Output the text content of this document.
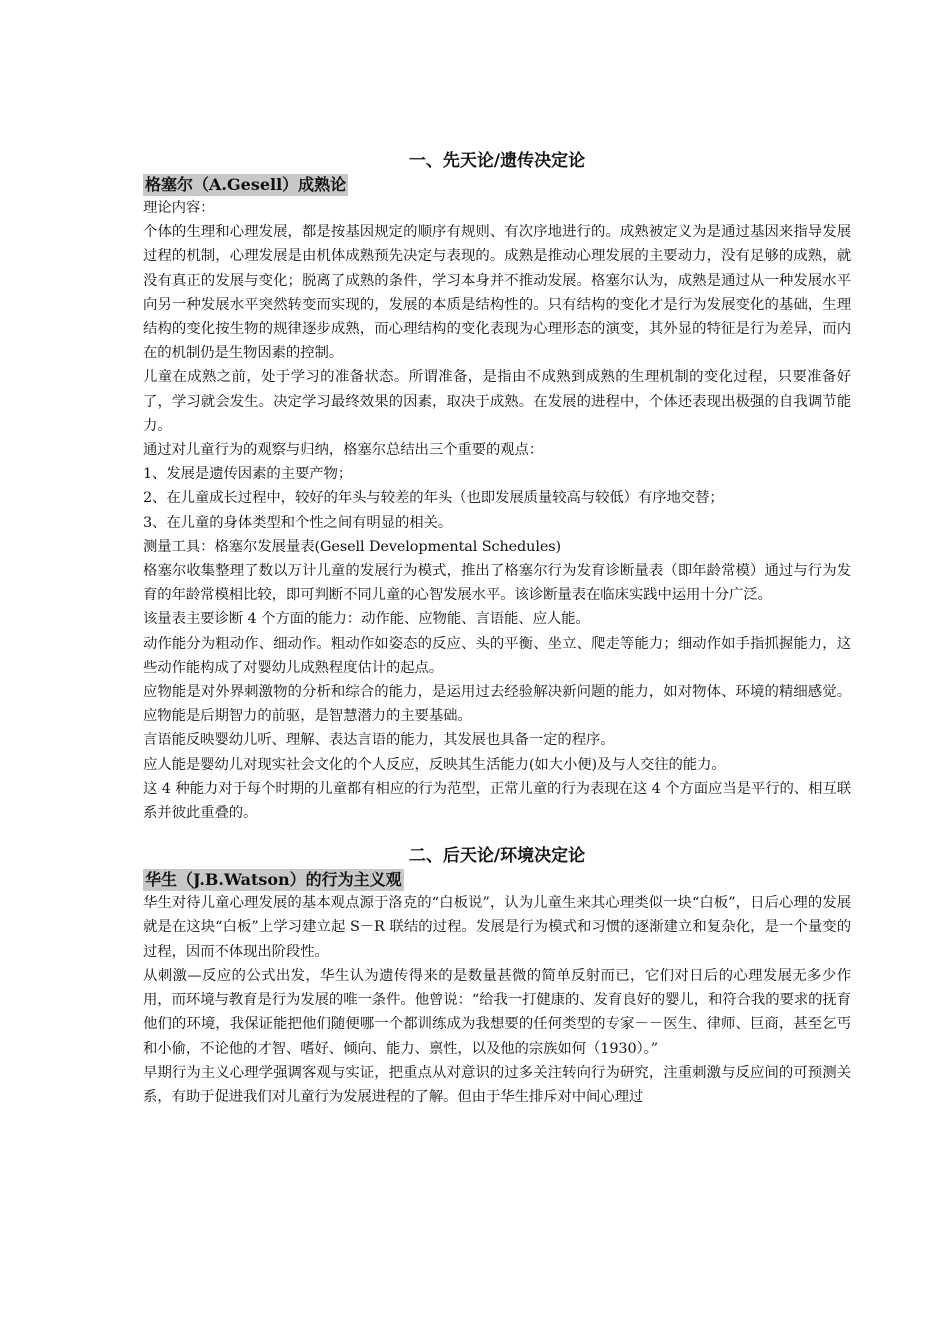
一、先天论/遗传决定论
格塞尔（A.Gesell）成熟论

理论内容：

个体的生理和心理发展，都是按基因规定的顺序有规则、有次序地进行的。成熟被定义为是通过基因来指导发展过程的机制，心理发展是由机体成熟预先决定与表现的。成熟是推动心理发展的主要动力，没有足够的成熟，就没有真正的发展与变化；脱离了成熟的条件，学习本身并不推动发展。格塞尔认为，成熟是通过从一种发展水平向另一种发展水平突然转变而实现的，发展的本质是结构性的。只有结构的变化才是行为发展变化的基础，生理结构的变化按生物的规律逐步成熟，而心理结构的变化表现为心理形态的演变，其外显的特征是行为差异，而内在的机制仍是生物因素的控制。

儿童在成熟之前，处于学习的准备状态。所谓准备，是指由不成熟到成熟的生理机制的变化过程，只要准备好了，学习就会发生。决定学习最终效果的因素，取决于成熟。在发展的进程中，个体还表现出极强的自我调节能力。

通过对儿童行为的观察与归纳，格塞尔总结出三个重要的观点：

1、发展是遗传因素的主要产物；

2、在儿童成长过程中，较好的年头与较差的年头（也即发展质量较高与较低）有序地交替；

3、在儿童的身体类型和个性之间有明显的相关。

测量工具：格塞尔发展量表(Gesell Developmental Schedules)

格塞尔收集整理了数以万计儿童的发展行为模式，推出了格塞尔行为发育诊断量表（即年龄常模）通过与行为发育的年龄常模相比较，即可判断不同儿童的心智发展水平。该诊断量表在临床实践中运用十分广泛。

该量表主要诊断 4 个方面的能力：动作能、应物能、言语能、应人能。

动作能分为粗动作、细动作。粗动作如姿态的反应、头的平衡、坐立、爬走等能力；细动作如手指抓握能力，这些动作能构成了对婴幼儿成熟程度估计的起点。

应物能是对外界刺激物的分析和综合的能力，是运用过去经验解决新问题的能力，如对物体、环境的精细感觉。应物能是后期智力的前驱，是智慧潜力的主要基础。

言语能反映婴幼儿听、理解、表达言语的能力，其发展也具备一定的程序。

应人能是婴幼儿对现实社会文化的个人反应，反映其生活能力(如大小便)及与人交往的能力。

这 4 种能力对于每个时期的儿童都有相应的行为范型，正常儿童的行为表现在这 4 个方面应当是平行的、相互联系并彼此重叠的。

二、后天论/环境决定论
华生（J.B.Watson）的行为主义观

华生对待儿童心理发展的基本观点源于洛克的“白板说”，认为儿童生来其心理类似一块“白板”，日后心理的发展就是在这块“白板”上学习建立起 S－R 联结的过程。发展是行为模式和习惯的逐渐建立和复杂化，是一个量变的过程，因而不体现出阶段性。

从刺激—反应的公式出发，华生认为遗传得来的是数量甚微的简单反射而已，它们对日后的心理发展无多少作用，而环境与教育是行为发展的唯一条件。他曾说：“给我一打健康的、发育良好的婴儿，和符合我的要求的抚育他们的环境，我保证能把他们随便哪一个都训练成为我想要的任何类型的专家－－医生、律师、巨商，甚至乞丐和小偷，不论他的才智、嗜好、倾向、能力、禀性，以及他的宗族如何（1930）。”

早期行为主义心理学强调客观与实证，把重点从对意识的过多关注转向行为研究，注重刺激与反应间的可预测关系，有助于促进我们对儿童行为发展进程的了解。但由于华生排斥对中间心理过
